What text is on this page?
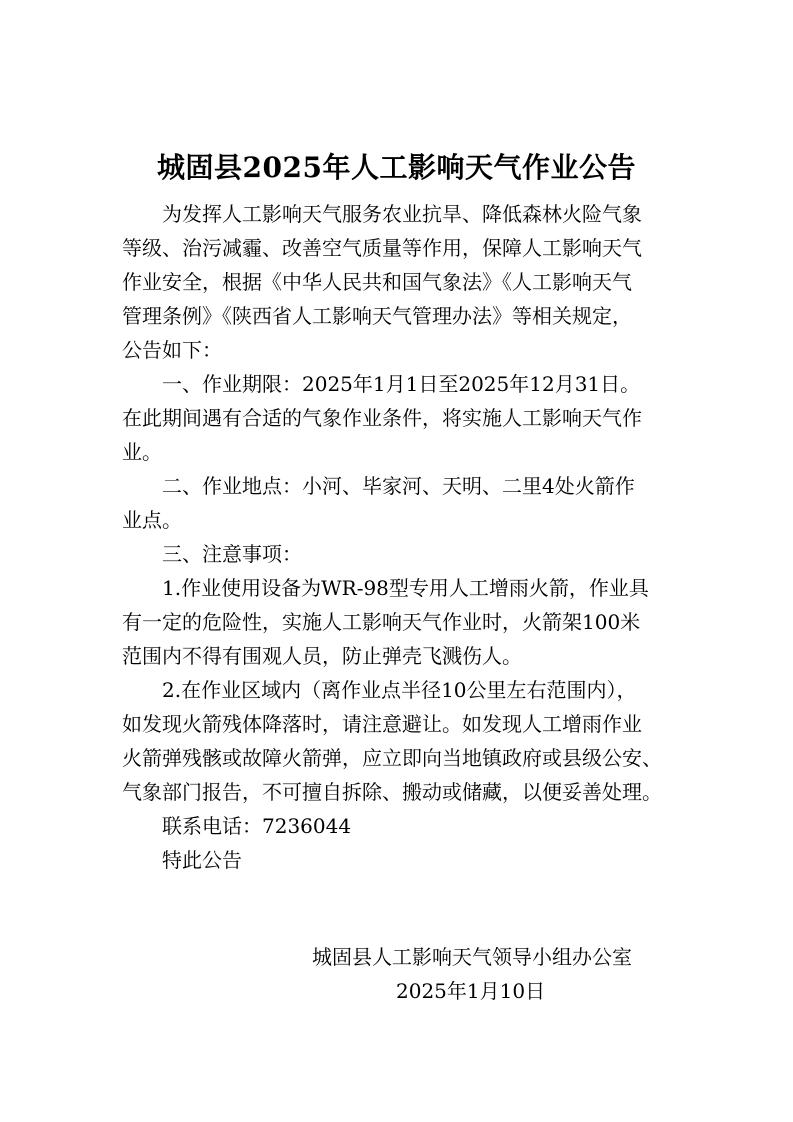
城固县2025年人工影响天气作业公告
为发挥人工影响天气服务农业抗旱、降低森林火险气象
等级、治污减霾、改善空气质量等作用，保障人工影响天气
作业安全，根据《中华人民共和国气象法》《人工影响天气
管理条例》《陕西省人工影响天气管理办法》等相关规定，
公告如下：
一、作业期限：2025年1月1日至2025年12月31日。
在此期间遇有合适的气象作业条件，将实施人工影响天气作
业。
二、作业地点：小河、毕家河、天明、二里4处火箭作
业点。
三、注意事项：
1.作业使用设备为WR-98型专用人工增雨火箭，作业具
有一定的危险性，实施人工影响天气作业时，火箭架100米
范围内不得有围观人员，防止弹壳飞溅伤人。
2.在作业区域内（离作业点半径10公里左右范围内），
如发现火箭残体降落时，请注意避让。如发现人工增雨作业
火箭弹残骸或故障火箭弹，应立即向当地镇政府或县级公安、
气象部门报告，不可擅自拆除、搬动或储藏，以便妥善处理。
联系电话：7236044
特此公告
城固县人工影响天气领导小组办公室
2025年1月10日
